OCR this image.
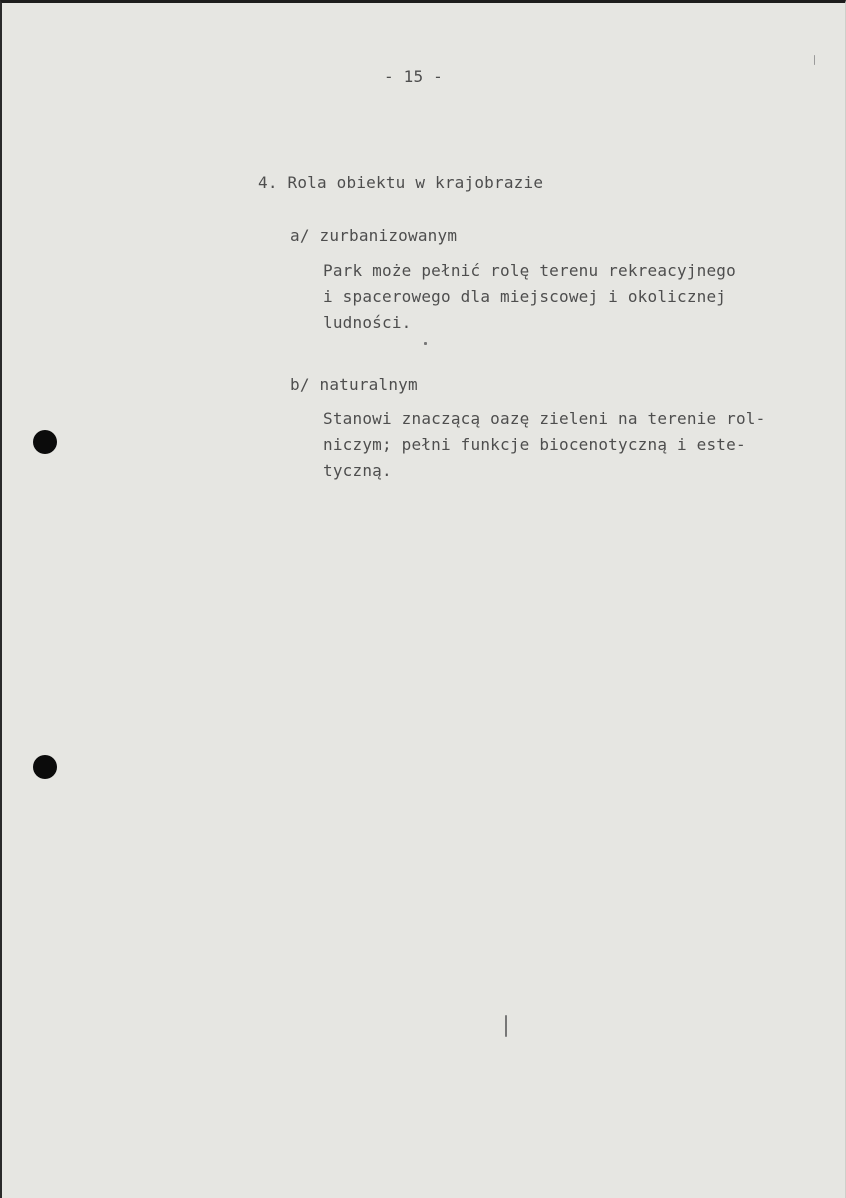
- 15 -
4. Rola obiektu w krajobrazie
a/ zurbanizowanym
Park może pełnić rolę terenu rekreacyjnego
i spacerowego dla miejscowej i okolicznej
ludności.
b/ naturalnym
Stanowi znaczącą oazę zieleni na terenie rol-
niczym; pełni funkcje biocenotyczną i este-
tyczną.
